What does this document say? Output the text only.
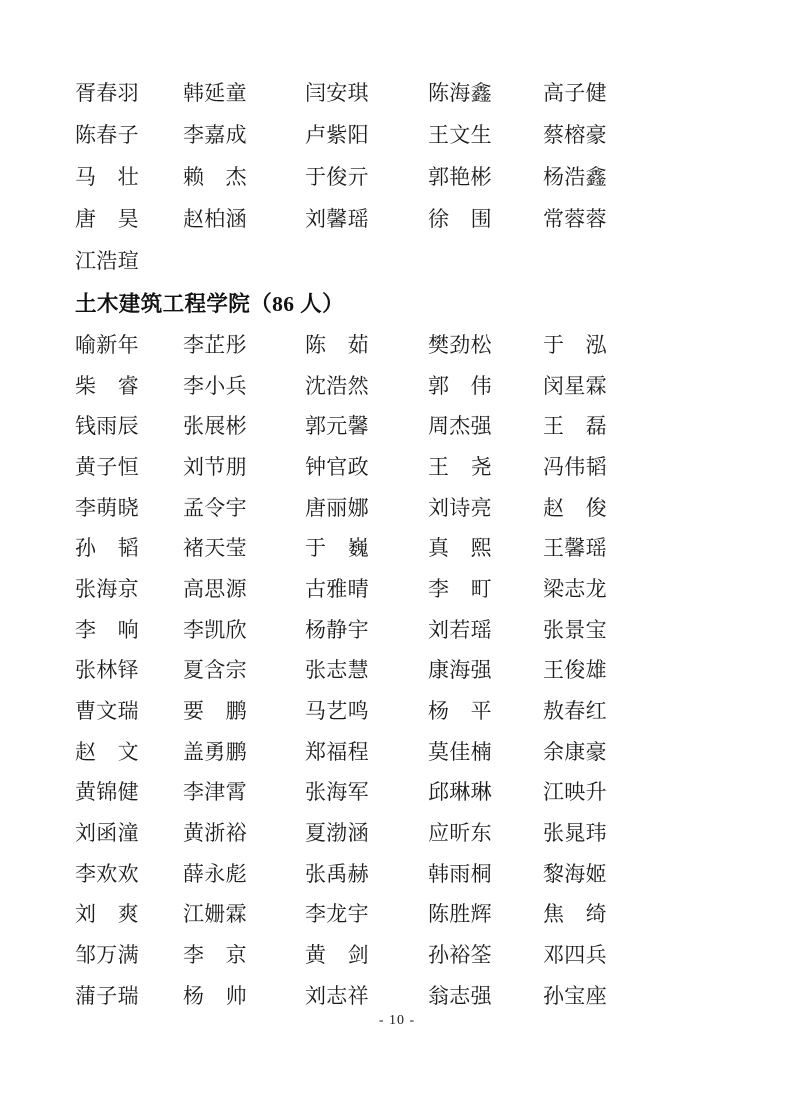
胥春羽	韩延童	闫安琪	陈海鑫	高子健
陈春子	李嘉成	卢紫阳	王文生	蔡榕豪
马　壮	赖　杰	于俊亓	郭艳彬	杨浩鑫
唐　昊	赵柏涵	刘馨瑶	徐　围	常蓉蓉
江浩瑄
土木建筑工程学院（86 人）
喻新年	李芷彤	陈　茹	樊劲松	于　泓
柴　睿	李小兵	沈浩然	郭　伟	闵星霖
钱雨辰	张展彬	郭元馨	周杰强	王　磊
黄子恒	刘节朋	钟官政	王　尧	冯伟韬
李萌晓	孟令宇	唐丽娜	刘诗亮	赵　俊
孙　韬	褚天莹	于　巍	真　熙	王馨瑶
张海京	高思源	古雅晴	李　町	梁志龙
李　响	李凯欣	杨静宇	刘若瑶	张景宝
张林铎	夏含宗	张志慧	康海强	王俊雄
曹文瑞	要　鹏	马艺鸣	杨　平	敖春红
赵　文	盖勇鹏	郑福程	莫佳楠	余康豪
黄锦健	李津霄	张海军	邱琳琳	江映升
刘函潼	黄浙裕	夏渤涵	应昕东	张晁玮
李欢欢	薛永彪	张禹赫	韩雨桐	黎海姬
刘　爽	江姗霖	李龙宇	陈胜辉	焦　绮
邹万满	李　京	黄　剑	孙裕筌	邓四兵
蒲子瑞	杨　帅	刘志祥	翁志强	孙宝座
- 10 -
